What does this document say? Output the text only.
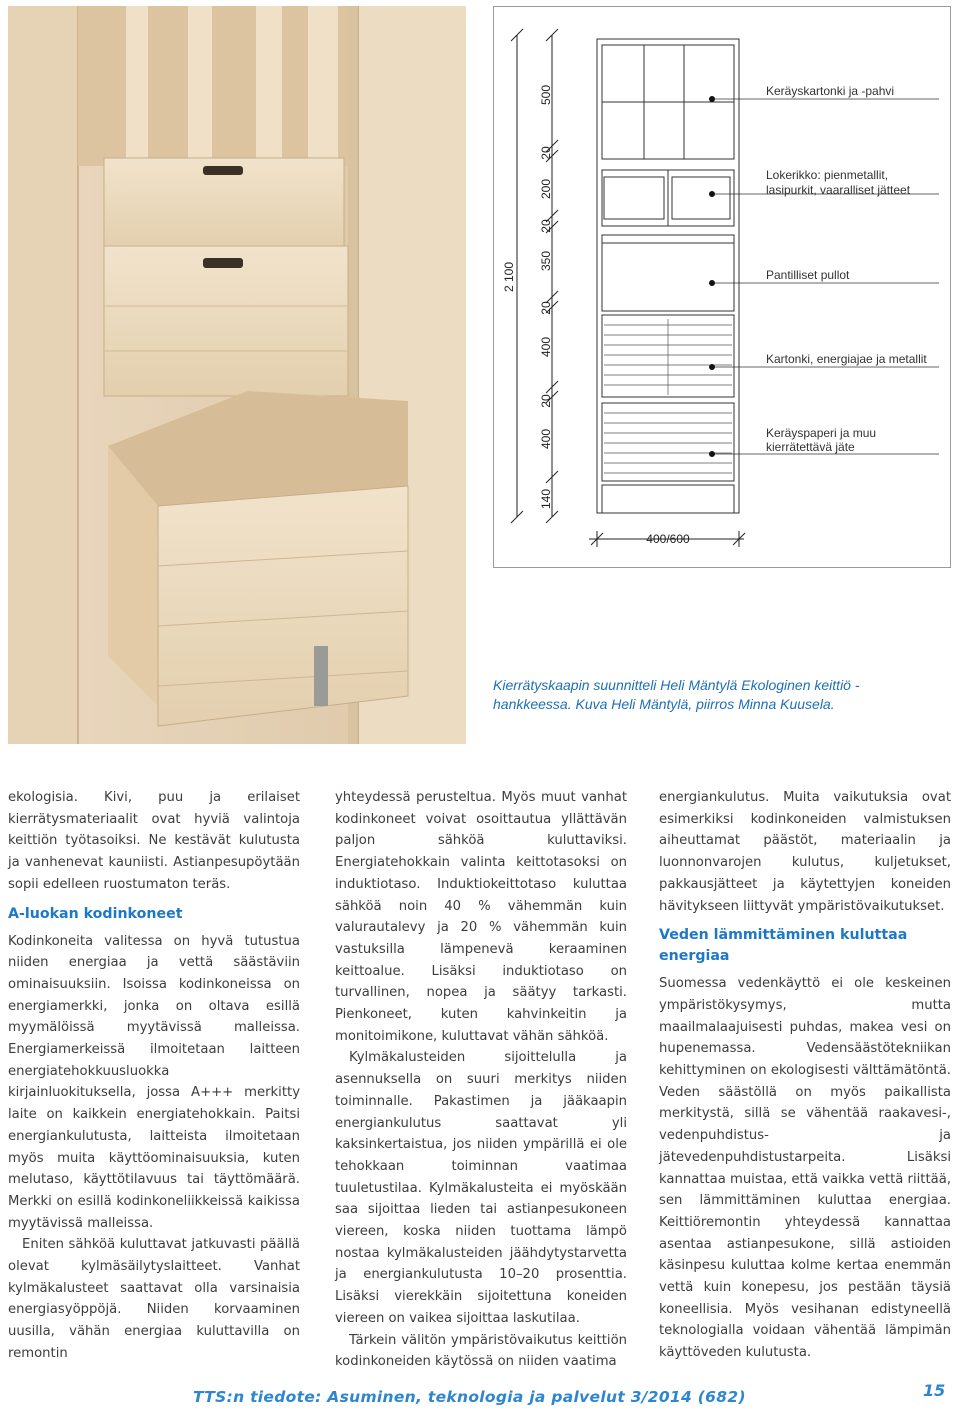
2 100
500
20
200
20
350
20
400
20
400
140
Keräyskartonki ja -pahvi
Lokerikko: pienmetallit,
lasipurkit, vaaralliset jätteet
Pantilliset pullot
Kartonki, energiajae ja metallit
Keräyspaperi ja muu
kierrätettävä jäte
400/600
Kierrätyskaapin suunnitteli Heli Mäntylä Ekologinen keittiö -hankkeessa. Kuva Heli Mäntylä, piirros Minna Kuusela.

ekologisia. Kivi, puu ja erilaiset kierrätysmateriaalit ovat hyviä valintoja keittiön työtasoiksi. Ne kestävät kulutusta ja vanhenevat kauniisti. Astianpesupöytään sopii edelleen ruostumaton teräs.

A-luokan kodinkoneet

Kodinkoneita valitessa on hyvä tutustua niiden energiaa ja vettä säästäviin ominaisuuksiin. Isoissa kodinkoneissa on energiamerkki, jonka on oltava esillä myymälöissä myytävissä malleissa. Energiamerkeissä ilmoitetaan laitteen energiatehokkuusluokka kirjainluokituksella, jossa A+++ merkitty laite on kaikkein energiatehokkain. Paitsi energiankulutusta, laitteista ilmoitetaan myös muita käyttöominaisuuksia, kuten melutaso, käyttötilavuus tai täyttömäärä. Merkki on esillä kodinkoneliikkeissä kaikissa myytävissä malleissa.

Eniten sähköä kuluttavat jatkuvasti päällä olevat kylmäsäilytyslaitteet. Vanhat kylmäkalusteet saattavat olla varsinaisia energiasyöppöjä. Niiden korvaaminen uusilla, vähän energiaa kuluttavilla on remontin

yhteydessä perusteltua. Myös muut vanhat kodinkoneet voivat osoittautua yllättävän paljon sähköä kuluttaviksi. Energiatehokkain valinta keittotasoksi on induktiotaso. Induktiokeittotaso kuluttaa sähköä noin 40 % vähemmän kuin valurautalevy ja 20 % vähemmän kuin vastuksilla lämpenevä keraaminen keittoalue. Lisäksi induktiotaso on turvallinen, nopea ja säätyy tarkasti. Pienkoneet, kuten kahvinkeitin ja monitoimikone, kuluttavat vähän sähköä.

Kylmäkalusteiden sijoittelulla ja asennuksella on suuri merkitys niiden toiminnalle. Pakastimen ja jääkaapin energiankulutus saattavat yli kaksinkertaistua, jos niiden ympärillä ei ole tehokkaan toiminnan vaatimaa tuuletustilaa. Kylmäkalusteita ei myöskään saa sijoittaa lieden tai astianpesukoneen viereen, koska niiden tuottama lämpö nostaa kylmäkalusteiden jäähdytystarvetta ja energiankulutusta 10–20 prosenttia. Lisäksi vierekkäin sijoitettuna koneiden viereen on vaikea sijoittaa laskutilaa.

Tärkein välitön ympäristövaikutus keittiön kodinkoneiden käytössä on niiden vaatima

energiankulutus. Muita vaikutuksia ovat esimerkiksi kodinkoneiden valmistuksen aiheuttamat päästöt, materiaalin ja luonnonvarojen kulutus, kuljetukset, pakkausjätteet ja käytettyjen koneiden hävitykseen liittyvät ympäristövaikutukset.

Veden lämmittäminen kuluttaa energiaa

Suomessa vedenkäyttö ei ole keskeinen ympäristökysymys, mutta maailmalaajuisesti puhdas, makea vesi on hupenemassa. Vedensäästötekniikan kehittyminen on ekologisesti välttämätöntä. Veden säästöllä on myös paikallista merkitystä, sillä se vähentää raakavesi-, vedenpuhdistus- ja jätevedenpuhdistustarpeita. Lisäksi kannattaa muistaa, että vaikka vettä riittää, sen lämmittäminen kuluttaa energiaa. Keittiöremontin yhteydessä kannattaa asentaa astianpesukone, sillä astioiden käsinpesu kuluttaa kolme kertaa enemmän vettä kuin konepesu, jos pestään täysiä koneellisia. Myös vesihanan edistyneellä teknologialla voidaan vähentää lämpimän käyttöveden kulutusta.

TTS:n tiedote: Asuminen, teknologia ja palvelut 3/2014 (682)	15
